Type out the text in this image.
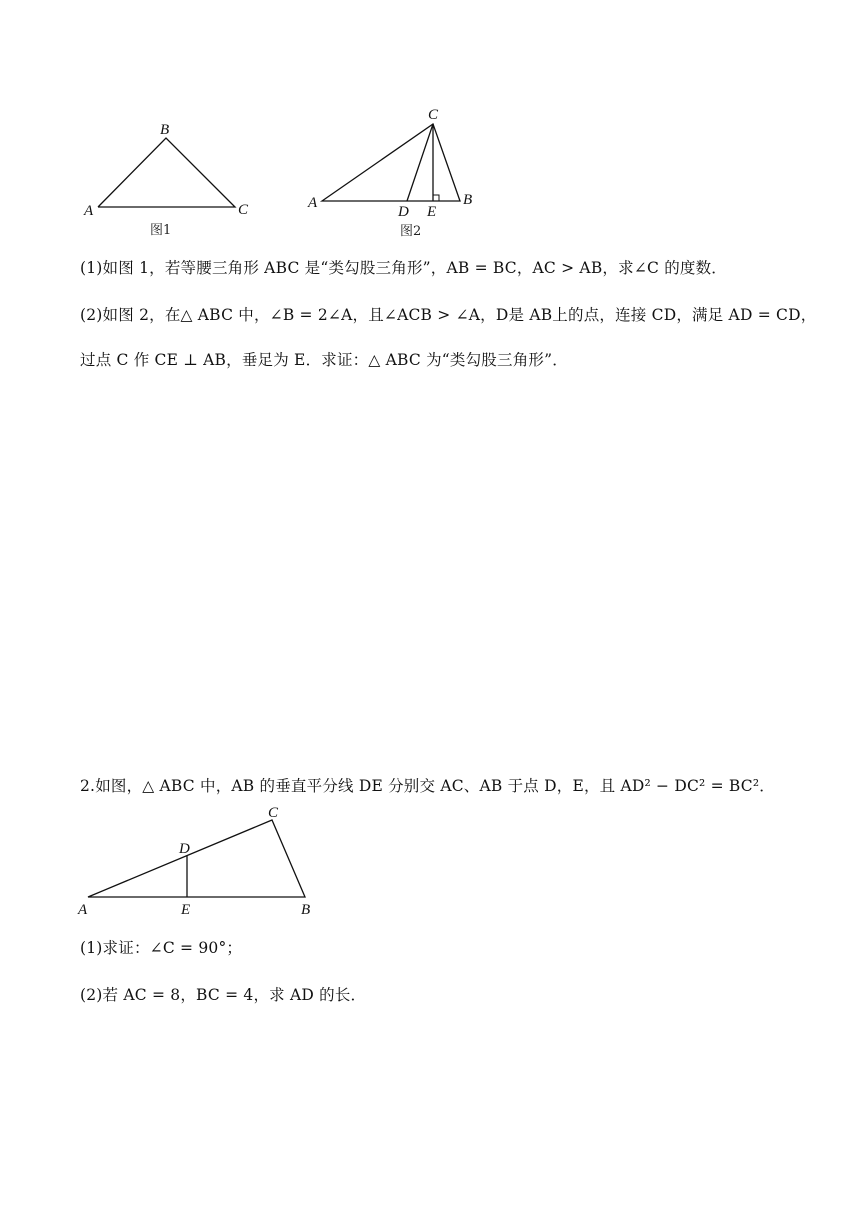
B
A	C
图1
C
A	B
D E
图2
(1)如图 1，若等腰三角形 ABC 是“类勾股三角形”，AB = BC，AC > AB，求∠C 的度数．
(2)如图 2，在△ ABC 中，∠B = 2∠A，且∠ACB > ∠A，D是 AB上的点，连接 CD，满足 AD = CD，
过点 C 作 CE ⊥ AB，垂足为 E．求证：△ ABC 为“类勾股三角形”．
2.如图，△ ABC 中，AB 的垂直平分线 DE 分别交 AC、AB 于点 D，E，且 AD² − DC² = BC²．
C
D
A	E	B
(1)求证：∠C = 90°；
(2)若 AC = 8，BC = 4，求 AD 的长．
